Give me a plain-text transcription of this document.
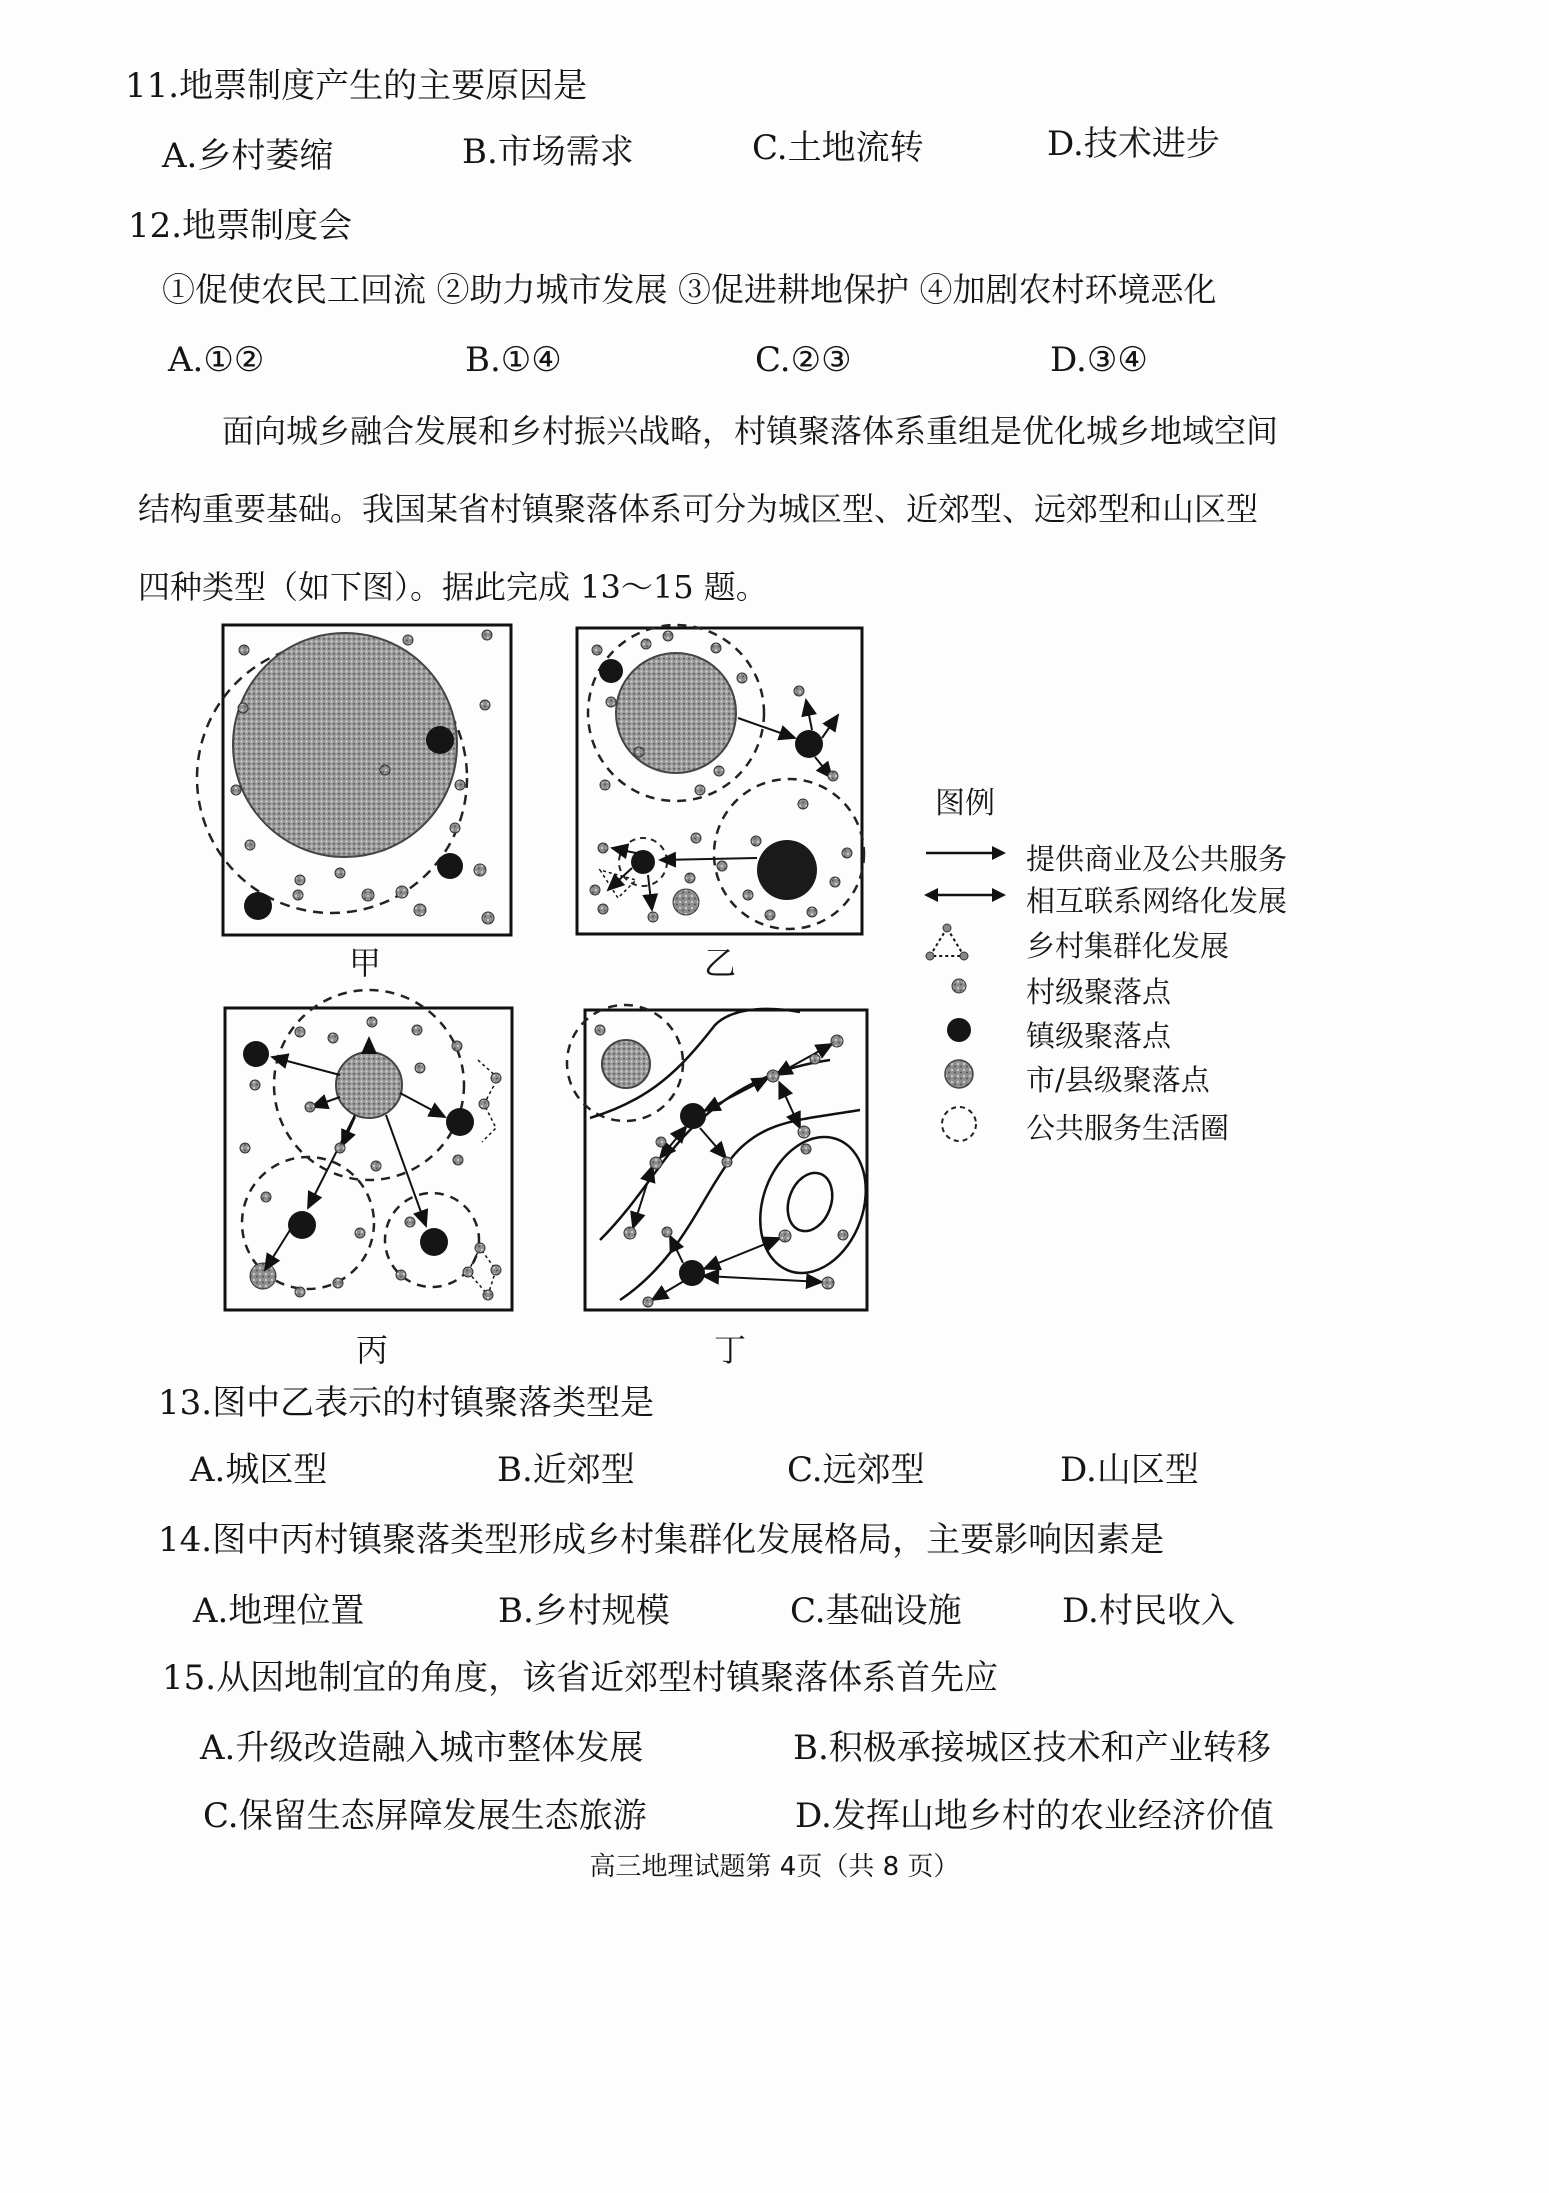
11.地票制度产生的主要原因是
A.乡村萎缩	B.市场需求	C.土地流转	D.技术进步
12.地票制度会
①促使农民工回流 ②助力城市发展 ③促进耕地保护 ④加剧农村环境恶化
A.①②	B.①④	C.②③	D.③④
面向城乡融合发展和乡村振兴战略，村镇聚落体系重组是优化城乡地域空间
结构重要基础。我国某省村镇聚落体系可分为城区型、近郊型、远郊型和山区型
四种类型（如下图）。据此完成 13～15 题。
甲	乙
丙	丁
图例
提供商业及公共服务
相互联系网络化发展
乡村集群化发展
村级聚落点
镇级聚落点
市/县级聚落点
公共服务生活圈
13.图中乙表示的村镇聚落类型是
A.城区型	B.近郊型	C.远郊型	D.山区型
14.图中丙村镇聚落类型形成乡村集群化发展格局，主要影响因素是
A.地理位置	B.乡村规模	C.基础设施	D.村民收入
15.从因地制宜的角度，该省近郊型村镇聚落体系首先应
A.升级改造融入城市整体发展	B.积极承接城区技术和产业转移
C.保留生态屏障发展生态旅游	D.发挥山地乡村的农业经济价值
高三地理试题第 4页（共 8 页）
